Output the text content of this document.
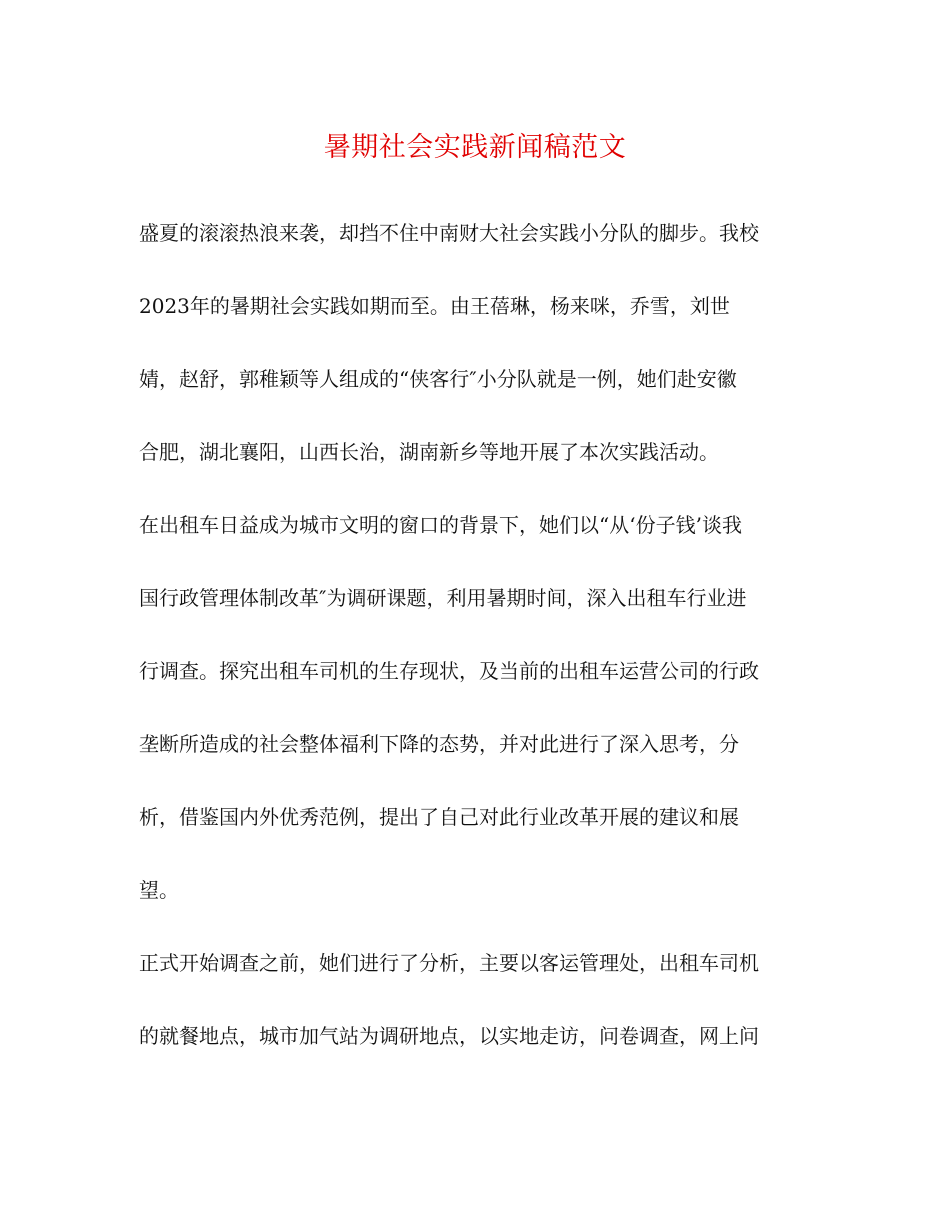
暑期社会实践新闻稿范文
盛夏的滚滚热浪来袭，却挡不住中南财大社会实践小分队的脚步。我校
2023年的暑期社会实践如期而至。由王蓓琳，杨来咪，乔雪，刘世
婧，赵舒，郭稚颖等人组成的“侠客行″小分队就是一例，她们赴安徽
合肥，湖北襄阳，山西长治，湖南新乡等地开展了本次实践活动。
在出租车日益成为城市文明的窗口的背景下，她们以“从‘份子钱’谈我
国行政管理体制改革″为调研课题，利用暑期时间，深入出租车行业进
行调查。探究出租车司机的生存现状，及当前的出租车运营公司的行政
垄断所造成的社会整体福利下降的态势，并对此进行了深入思考，分
析，借鉴国内外优秀范例，提出了自己对此行业改革开展的建议和展
望。
正式开始调查之前，她们进行了分析，主要以客运管理处，出租车司机
的就餐地点，城市加气站为调研地点，以实地走访，问卷调查，网上问
